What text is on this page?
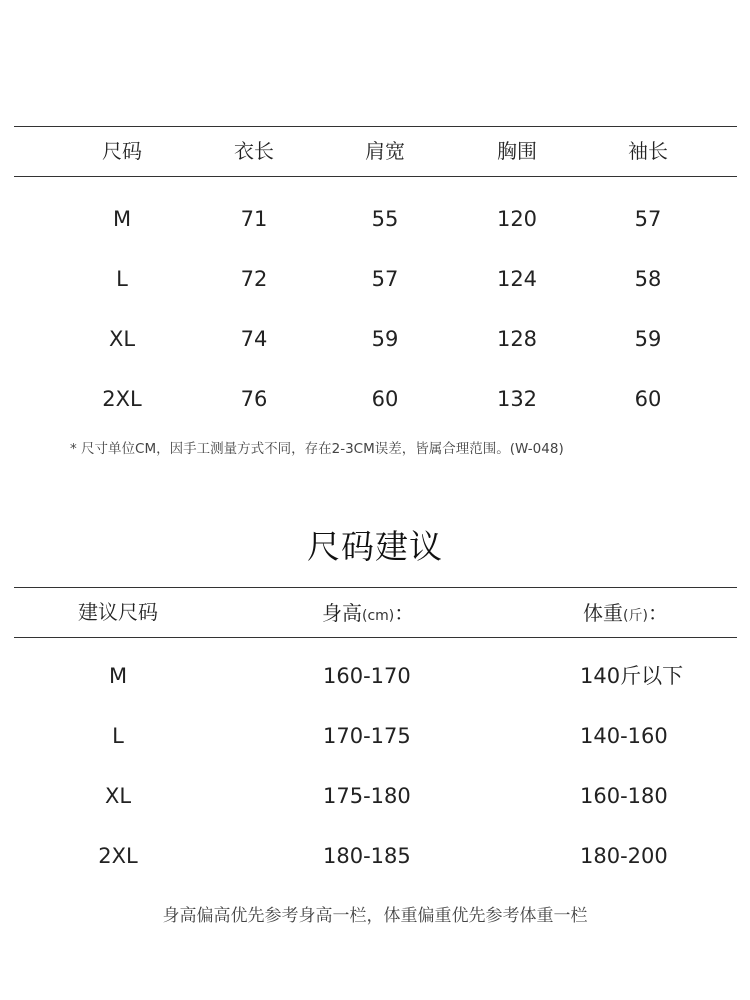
尺码	衣长	肩宽	胸围	袖长
M	71	55	120	57
L	72	57	124	58
XL	74	59	128	59
2XL	76	60	132	60
* 尺寸单位CM，因手工测量方式不同，存在2-3CM误差，皆属合理范围。(W-048)
尺码建议
建议尺码	身高(cm)：	体重(斤)：
M	160-170	140斤以下
L	170-175	140-160
XL	175-180	160-180
2XL	180-185	180-200
身高偏高优先参考身高一栏，体重偏重优先参考体重一栏
